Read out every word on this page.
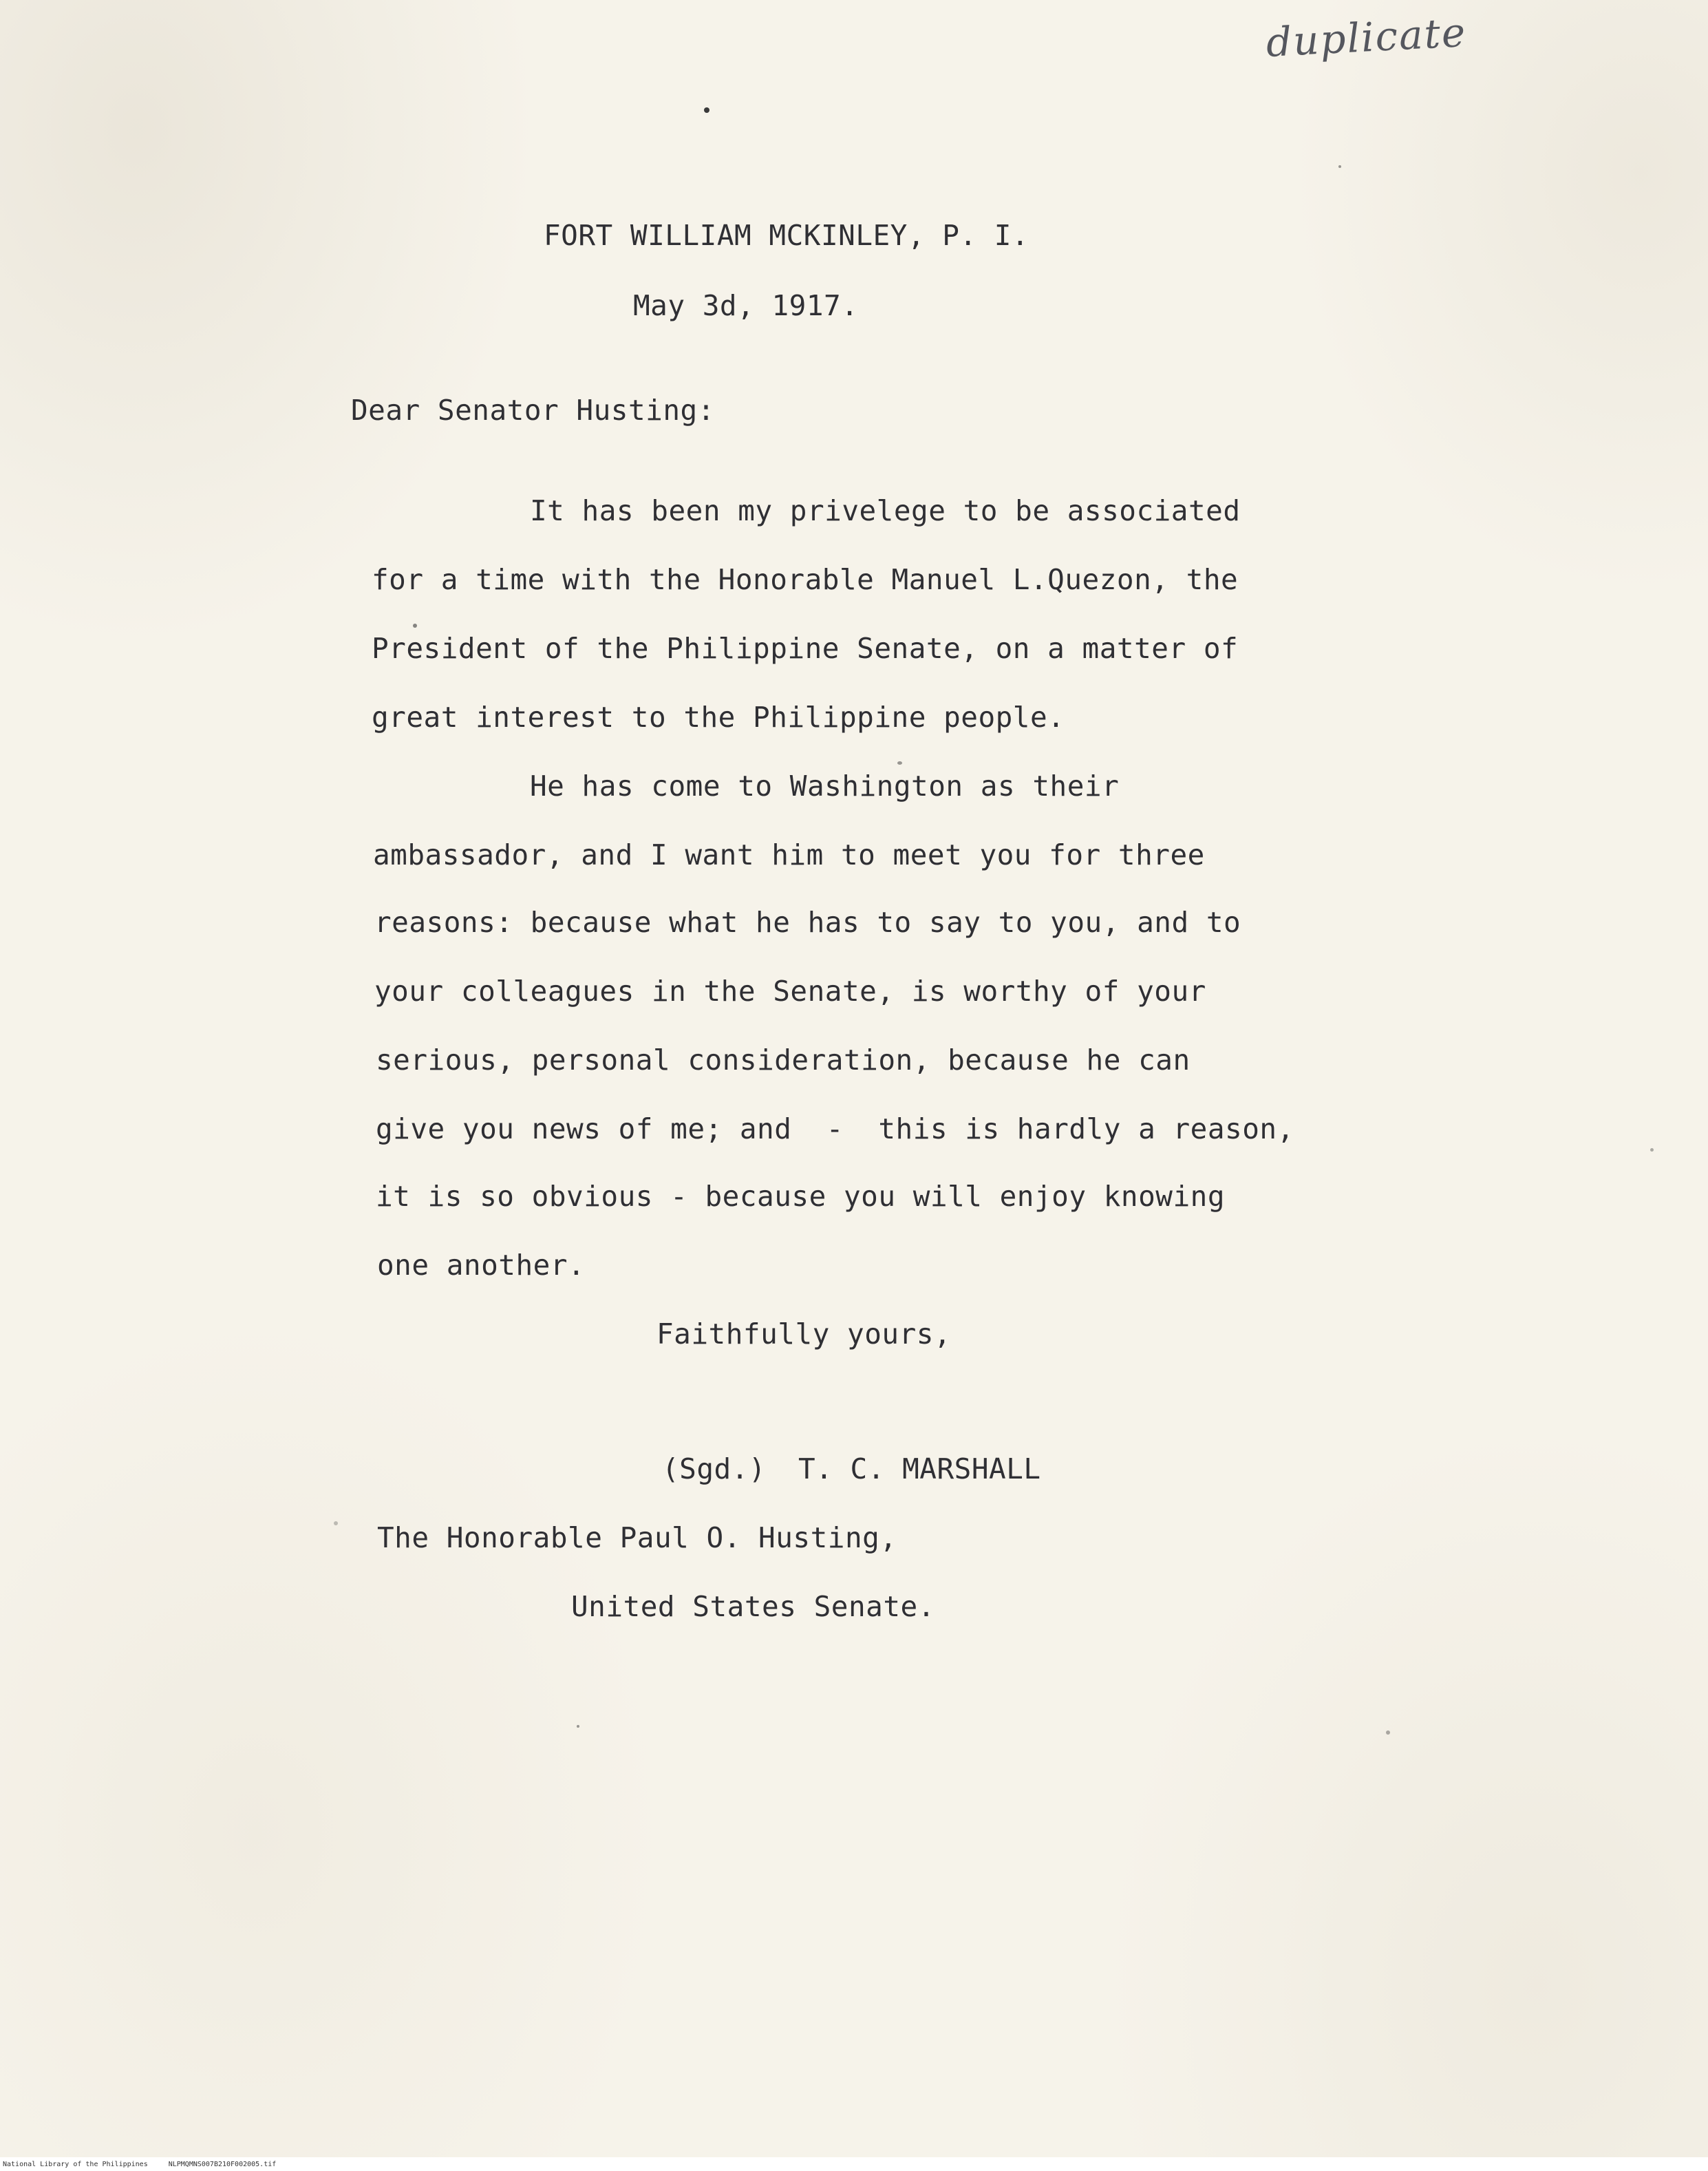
duplicate

FORT WILLIAM MCKINLEY, P. I.

May 3d, 1917.

Dear Senator Husting:

It has been my privelege to be associated

for a time with the Honorable Manuel L.Quezon, the

President of the Philippine Senate, on a matter of

great interest to the Philippine people.

He has come to Washington as their

ambassador, and I want him to meet you for three

reasons: because what he has to say to you, and to

your colleagues in the Senate, is worthy of your

serious, personal consideration, because he can

give you news of me; and  -  this is hardly a reason,

it is so obvious - because you will enjoy knowing

one another.

Faithfully yours,

(Sgd.) T. C. MARSHALL

The Honorable Paul O. Husting,

United States Senate.

National Library of the Philippines	NLPMQMNS007B210F002005.tif
